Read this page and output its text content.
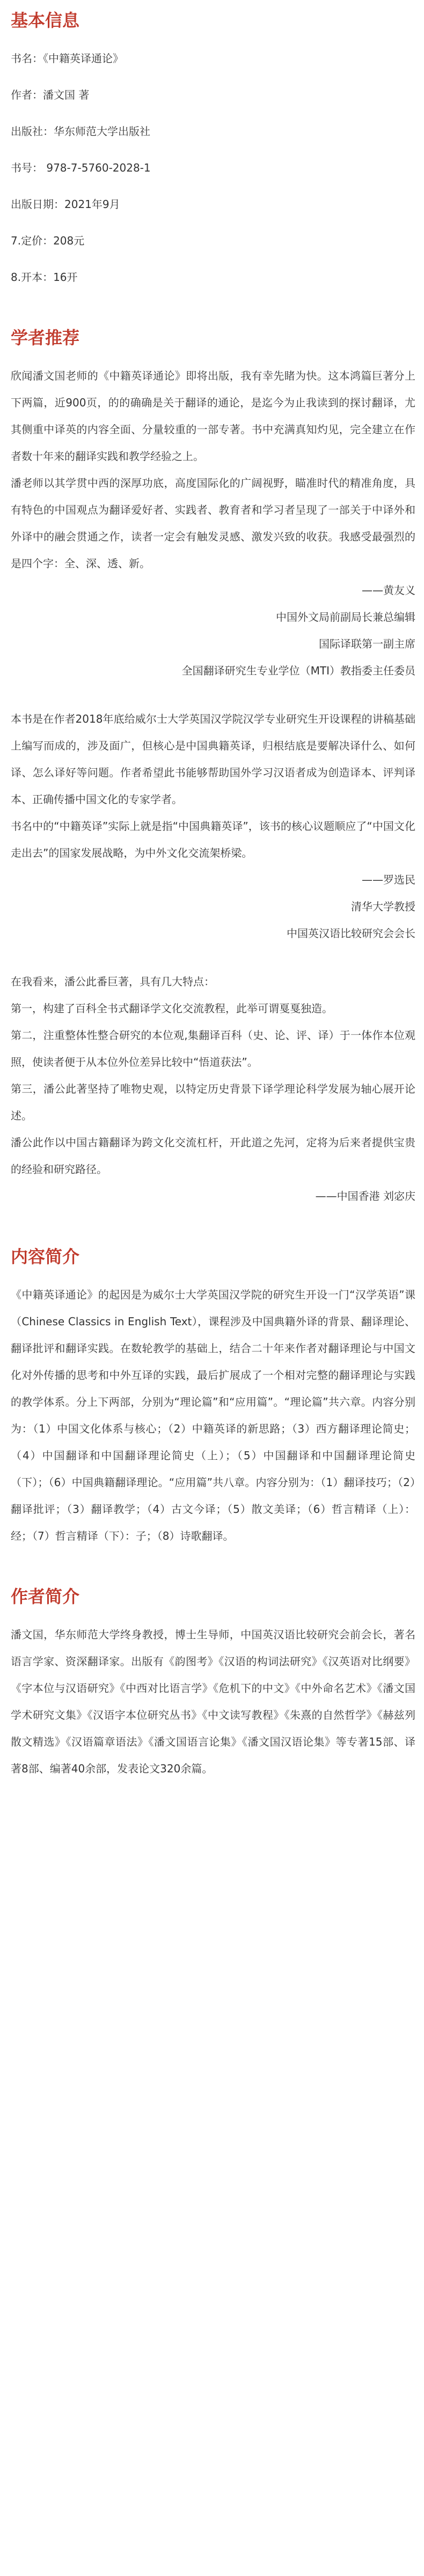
基本信息
书名：《中籍英译通论》
作者：潘文国 著
出版社：华东师范大学出版社
书号： 978-7-5760-2028-1
出版日期：2021年9月
7.定价：208元
8.开本：16开
学者推荐

欣闻潘文国老师的《中籍英译通论》即将出版，我有幸先睹为快。这本鸿篇巨著分上下两篇，近900页，的的确确是关于翻译的通论，是迄今为止我读到的探讨翻译，尤其侧重中译英的内容全面、分量较重的一部专著。书中充满真知灼见，完全建立在作者数十年来的翻译实践和教学经验之上。

潘老师以其学贯中西的深厚功底，高度国际化的广阔视野，瞄准时代的精准角度，具有特色的中国观点为翻译爱好者、实践者、教育者和学习者呈现了一部关于中译外和外译中的融会贯通之作，读者一定会有触发灵感、激发兴致的收获。我感受最强烈的是四个字：全、深、透、新。

——黄友义

中国外文局前副局长兼总编辑

国际译联第一副主席

全国翻译研究生专业学位（MTI）教指委主任委员

本书是在作者2018年底给威尔士大学英国汉学院汉学专业研究生开设课程的讲稿基础上编写而成的，涉及面广，但核心是中国典籍英译，归根结底是要解决译什么、如何译、怎么译好等问题。作者希望此书能够帮助国外学习汉语者成为创造译本、评判译本、正确传播中国文化的专家学者。

书名中的“中籍英译”实际上就是指“中国典籍英译”，该书的核心议题顺应了“中国文化走出去”的国家发展战略，为中外文化交流架桥梁。

——罗选民

清华大学教授

中国英汉语比较研究会会长

在我看来，潘公此番巨著，具有几大特点：

第一，构建了百科全书式翻译学文化交流教程，此举可谓戛戛独造。

第二，注重整体性整合研究的本位观,集翻译百科（史、论、评、译）于一体作本位观照，使读者便于从本位外位差异比较中“悟道获法”。

第三，潘公此著坚持了唯物史观，以特定历史背景下译学理论科学发展为轴心展开论述。

潘公此作以中国古籍翻译为跨文化交流杠杆，开此道之先河，定将为后来者提供宝贵的经验和研究路径。

——中国香港 刘宓庆

内容简介

《中籍英译通论》的起因是为威尔士大学英国汉学院的研究生开设一门“汉学英语”课（Chinese Classics in English Text），课程涉及中国典籍外译的背景、翻译理论、翻译批评和翻译实践。在数轮教学的基础上，结合二十年来作者对翻译理论与中国文化对外传播的思考和中外互译的实践，最后扩展成了一个相对完整的翻译理论与实践的教学体系。分上下两部，分别为“理论篇”和“应用篇”。“理论篇”共六章。内容分别为：（1）中国文化体系与核心；（2）中籍英译的新思路；（3）西方翻译理论简史；（4）中国翻译和中国翻译理论简史（上）；（5）中国翻译和中国翻译理论简史（下）；（6）中国典籍翻译理论。“应用篇”共八章。内容分别为：（1）翻译技巧；（2）翻译批评；（3）翻译教学；（4）古文今译；（5）散文美译；（6）哲言精译（上）：经；（7）哲言精译（下）：子；（8）诗歌翻译。

作者简介

潘文国，华东师范大学终身教授，博士生导师，中国英汉语比较研究会前会长，著名语言学家、资深翻译家。出版有《韵图考》《汉语的构词法研究》《汉英语对比纲要》《字本位与汉语研究》《中西对比语言学》《危机下的中文》《中外命名艺术》《潘文国学术研究文集》《汉语字本位研究丛书》《中文读写教程》《朱熹的自然哲学》《赫兹列散文精选》《汉语篇章语法》《潘文国语言论集》《潘文国汉语论集》等专著15部、译著8部、编著40余部，发表论文320余篇。
